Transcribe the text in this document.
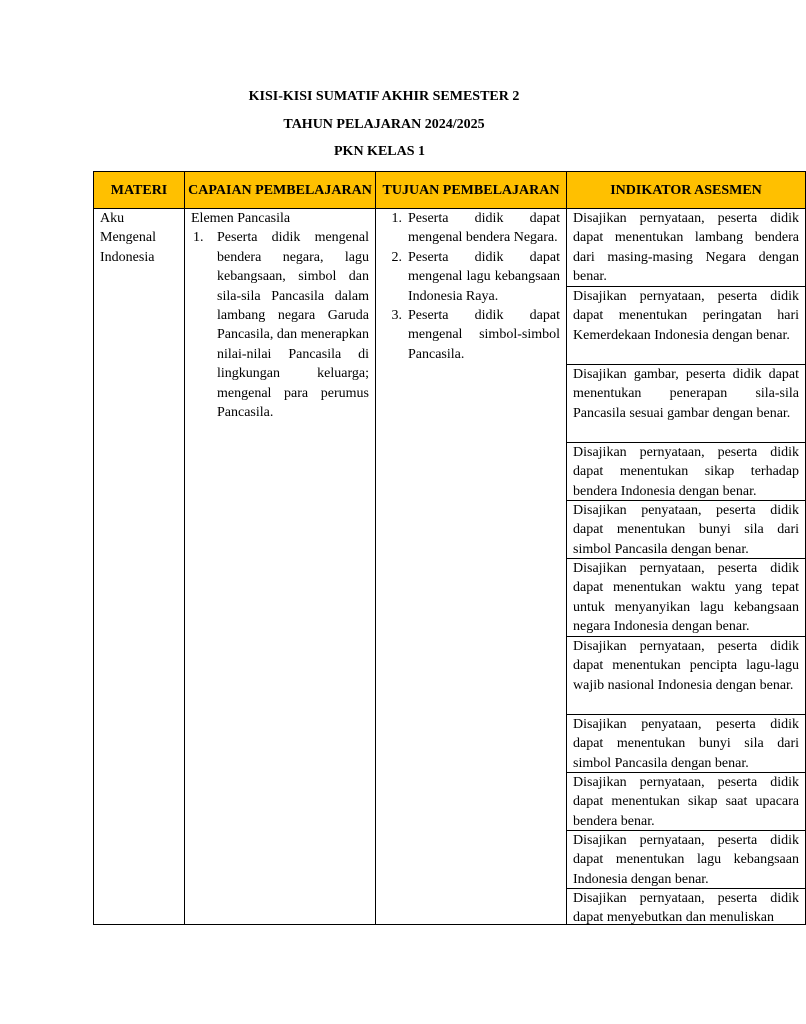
KISI-KISI SUMATIF AKHIR SEMESTER 2
TAHUN PELAJARAN 2024/2025
PKN KELAS 1
MATERI	CAPAIAN PEMBELAJARAN TUJUAN PEMBELAJARAN	INDIKATOR ASESMEN
Aku Mengenal Indonesia
Elemen Pancasila
1. Peserta didik mengenal bendera negara, lagu kebangsaan, simbol dan sila-sila Pancasila dalam lambang negara Garuda Pancasila, dan menerapkan nilai-nilai Pancasila di lingkungan keluarga; mengenal para perumus Pancasila.
1. Peserta didik dapat mengenal bendera Negara.
2. Peserta didik dapat mengenal lagu kebangsaan Indonesia Raya.
3. Peserta didik dapat mengenal simbol-simbol Pancasila.
Disajikan pernyataan, peserta didik dapat menentukan lambang bendera dari masing-masing Negara dengan benar.
Disajikan pernyataan, peserta didik dapat menentukan peringatan hari Kemerdekaan Indonesia dengan benar.
Disajikan gambar, peserta didik dapat menentukan penerapan sila-sila Pancasila sesuai gambar dengan benar.
Disajikan pernyataan, peserta didik dapat menentukan sikap terhadap bendera Indonesia dengan benar.
Disajikan penyataan, peserta didik dapat menentukan bunyi sila dari simbol Pancasila dengan benar.
Disajikan pernyataan, peserta didik dapat menentukan waktu yang tepat untuk menyanyikan lagu kebangsaan negara Indonesia dengan benar.
Disajikan pernyataan, peserta didik dapat menentukan pencipta lagu-lagu wajib nasional Indonesia dengan benar.
Disajikan penyataan, peserta didik dapat menentukan bunyi sila dari simbol Pancasila dengan benar.
Disajikan pernyataan, peserta didik dapat menentukan sikap saat upacara bendera benar.
Disajikan pernyataan, peserta didik dapat menentukan lagu kebangsaan Indonesia dengan benar.
Disajikan pernyataan, peserta didik dapat menyebutkan dan menuliskan
